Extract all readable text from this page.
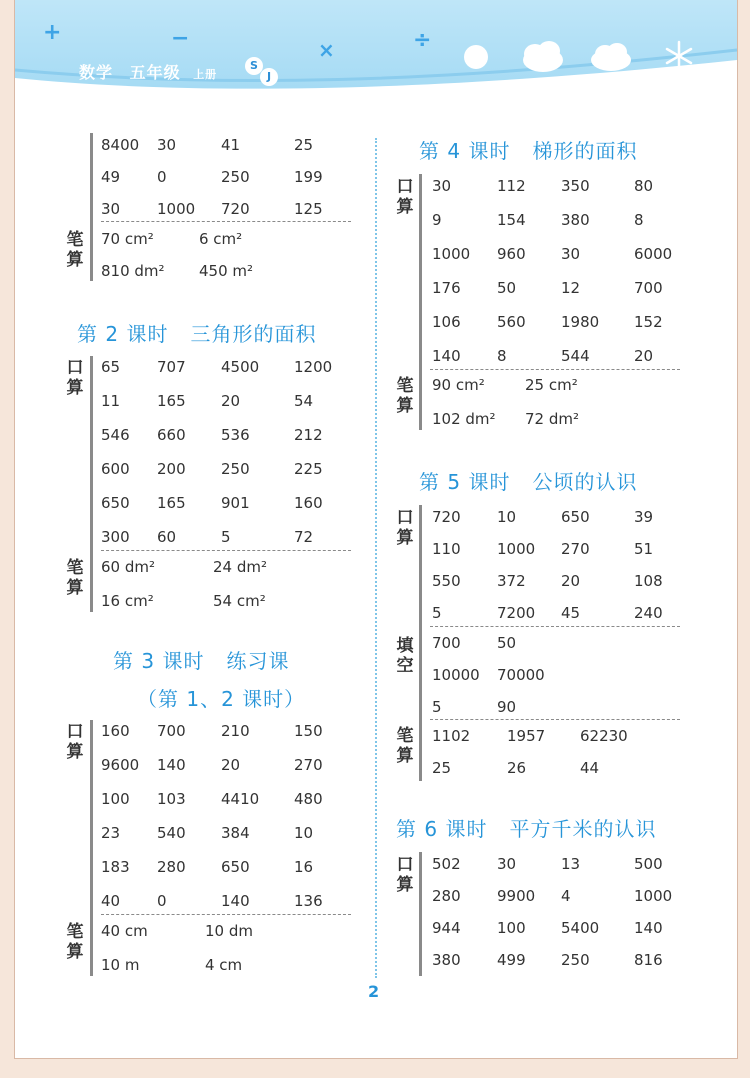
+	−	×	÷
数学 五年级 上册
S
J
笔算
8400 30	41	25
49 0	250	199
30 1000 720	125
70 cm²	6 cm²
810 dm² 450 m²
第 2 课时 三角形的面积
口算
笔算
65 707 4500 1200
11 165 20	54
546 660 536	212
600 200 250	225
650 165 901	160
300 60	5	72
60 dm²	24 dm²
16 cm²	54 cm²
第 3 课时 练习课
（第 1、2 课时）
口算
笔算
160 700 210	150
9600 140 20	270
100 103 4410 480
23 540 384	10
183 280 650	16
40 0	140	136
40 cm	10 dm
10 m	4 cm
第 4 课时 梯形的面积
口算
笔算
30	112 350	80
9	154 380	8
1000 960 30	6000
176 50	12	700
106 560 1980 152
140 8	544	20
90 cm²	25 cm²
102 dm² 72 dm²
第 5 课时 公顷的认识
口算
填空
笔算
720 10	650	39
110 1000 270	51
550 372 20	108
5	7200 45	240
700 50
10000 70000
5	90
1102 1957 62230
25	26	44
第 6 课时 平方千米的认识
口算
502 30	13	500
280 9900 4	1000
944 100 5400 140
380 499 250	816
2
